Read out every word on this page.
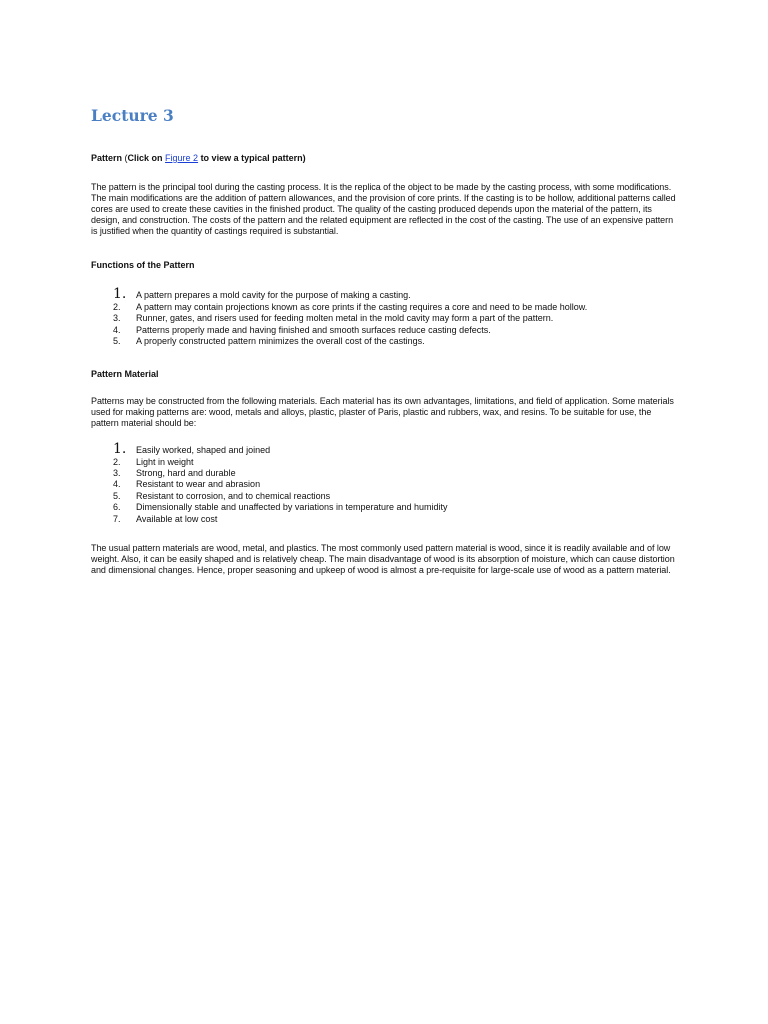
Lecture 3

Pattern (Click on Figure 2 to view a typical pattern)

The pattern is the principal tool during the casting process. It is the replica of the object to be made by the casting process, with some modifications. The main modifications are the addition of pattern allowances, and the provision of core prints. If the casting is to be hollow, additional patterns called cores are used to create these cavities in the finished product. The quality of the casting produced depends upon the material of the pattern, its design, and construction. The costs of the pattern and the related equipment are reflected in the cost of the casting. The use of an expensive pattern is justified when the quantity of castings required is substantial.

Functions of the Pattern

1.	A pattern prepares a mold cavity for the purpose of making a casting.
2.	A pattern may contain projections known as core prints if the casting requires a core and need to be made hollow.
3.	Runner, gates, and risers used for feeding molten metal in the mold cavity may form a part of the pattern.
4.	Patterns properly made and having finished and smooth surfaces reduce casting defects.
5.	A properly constructed pattern minimizes the overall cost of the castings.

Pattern Material

Patterns may be constructed from the following materials. Each material has its own advantages, limitations, and field of application. Some materials used for making patterns are: wood, metals and alloys, plastic, plaster of Paris, plastic and rubbers, wax, and resins. To be suitable for use, the pattern material should be:

1.	Easily worked, shaped and joined
2.	Light in weight
3.	Strong, hard and durable
4.	Resistant to wear and abrasion
5.	Resistant to corrosion, and to chemical reactions
6.	Dimensionally stable and unaffected by variations in temperature and humidity
7.	Available at low cost

The usual pattern materials are wood, metal, and plastics. The most commonly used pattern material is wood, since it is readily available and of low weight. Also, it can be easily shaped and is relatively cheap. The main disadvantage of wood is its absorption of moisture, which can cause distortion and dimensional changes. Hence, proper seasoning and upkeep of wood is almost a pre-requisite for large-scale use of wood as a pattern material.
